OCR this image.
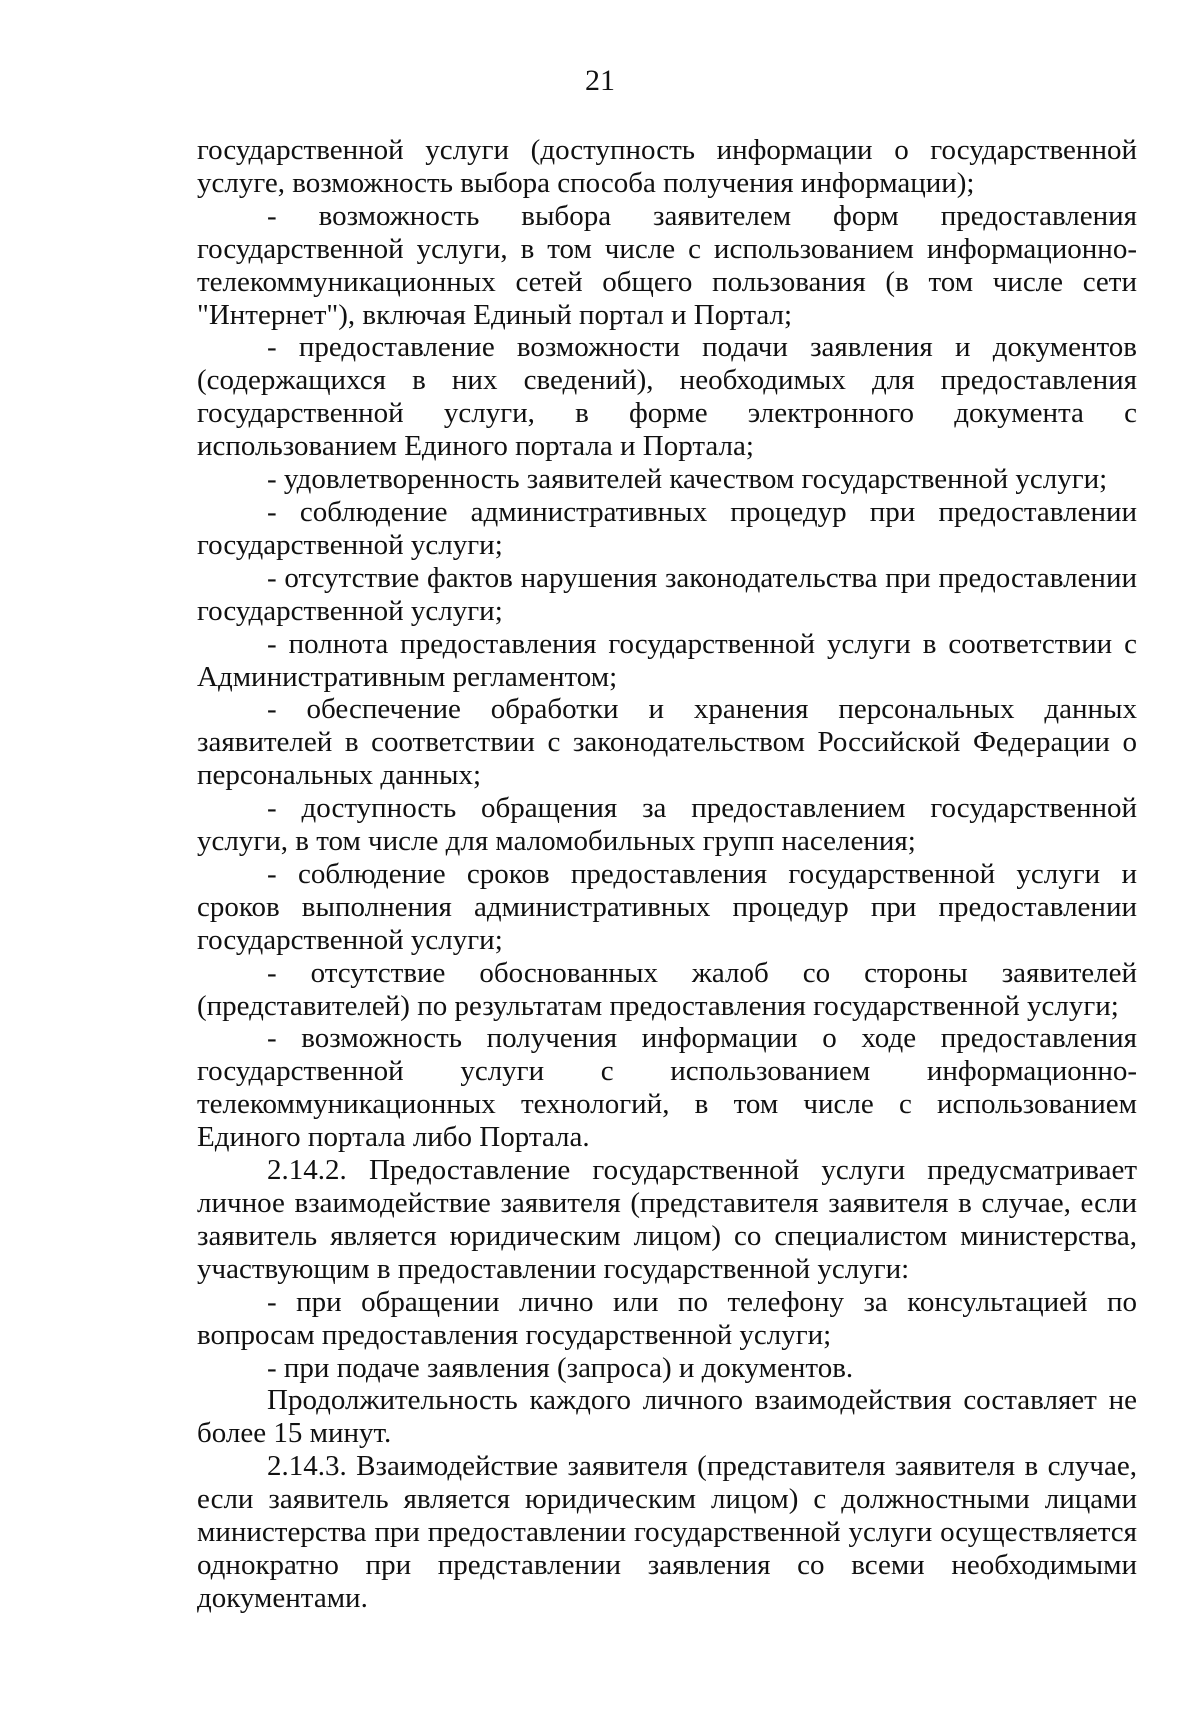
21

государственной услуги (доступность информации о государственной услуге, возможность выбора способа получения информации);

- возможность выбора заявителем форм предоставления государственной услуги, в том числе с использованием информационно-телекоммуникационных сетей общего пользования (в том числе сети "Интернет"), включая Единый портал и Портал;

- предоставление возможности подачи заявления и документов (содержащихся в них сведений), необходимых для предоставления государственной услуги, в форме электронного документа с использованием Единого портала и Портала;

- удовлетворенность заявителей качеством государственной услуги;

- соблюдение административных процедур при предоставлении государственной услуги;

- отсутствие фактов нарушения законодательства при предоставлении государственной услуги;

- полнота предоставления государственной услуги в соответствии с Административным регламентом;

- обеспечение обработки и хранения персональных данных заявителей в соответствии с законодательством Российской Федерации о персональных данных;

- доступность обращения за предоставлением государственной услуги, в том числе для маломобильных групп населения;

- соблюдение сроков предоставления государственной услуги и сроков выполнения административных процедур при предоставлении государственной услуги;

- отсутствие обоснованных жалоб со стороны заявителей (представителей) по результатам предоставления государственной услуги;

- возможность получения информации о ходе предоставления государственной услуги с использованием информационно-телекоммуникационных технологий, в том числе с использованием Единого портала либо Портала.

2.14.2. Предоставление государственной услуги предусматривает личное взаимодействие заявителя (представителя заявителя в случае, если заявитель является юридическим лицом) со специалистом министерства, участвующим в предоставлении государственной услуги:

- при обращении лично или по телефону за консультацией по вопросам предоставления государственной услуги;

- при подаче заявления (запроса) и документов.

Продолжительность каждого личного взаимодействия составляет не более 15 минут.

2.14.3. Взаимодействие заявителя (представителя заявителя в случае, если заявитель является юридическим лицом) с должностными лицами министерства при предоставлении государственной услуги осуществляется однократно при представлении заявления со всеми необходимыми документами.
